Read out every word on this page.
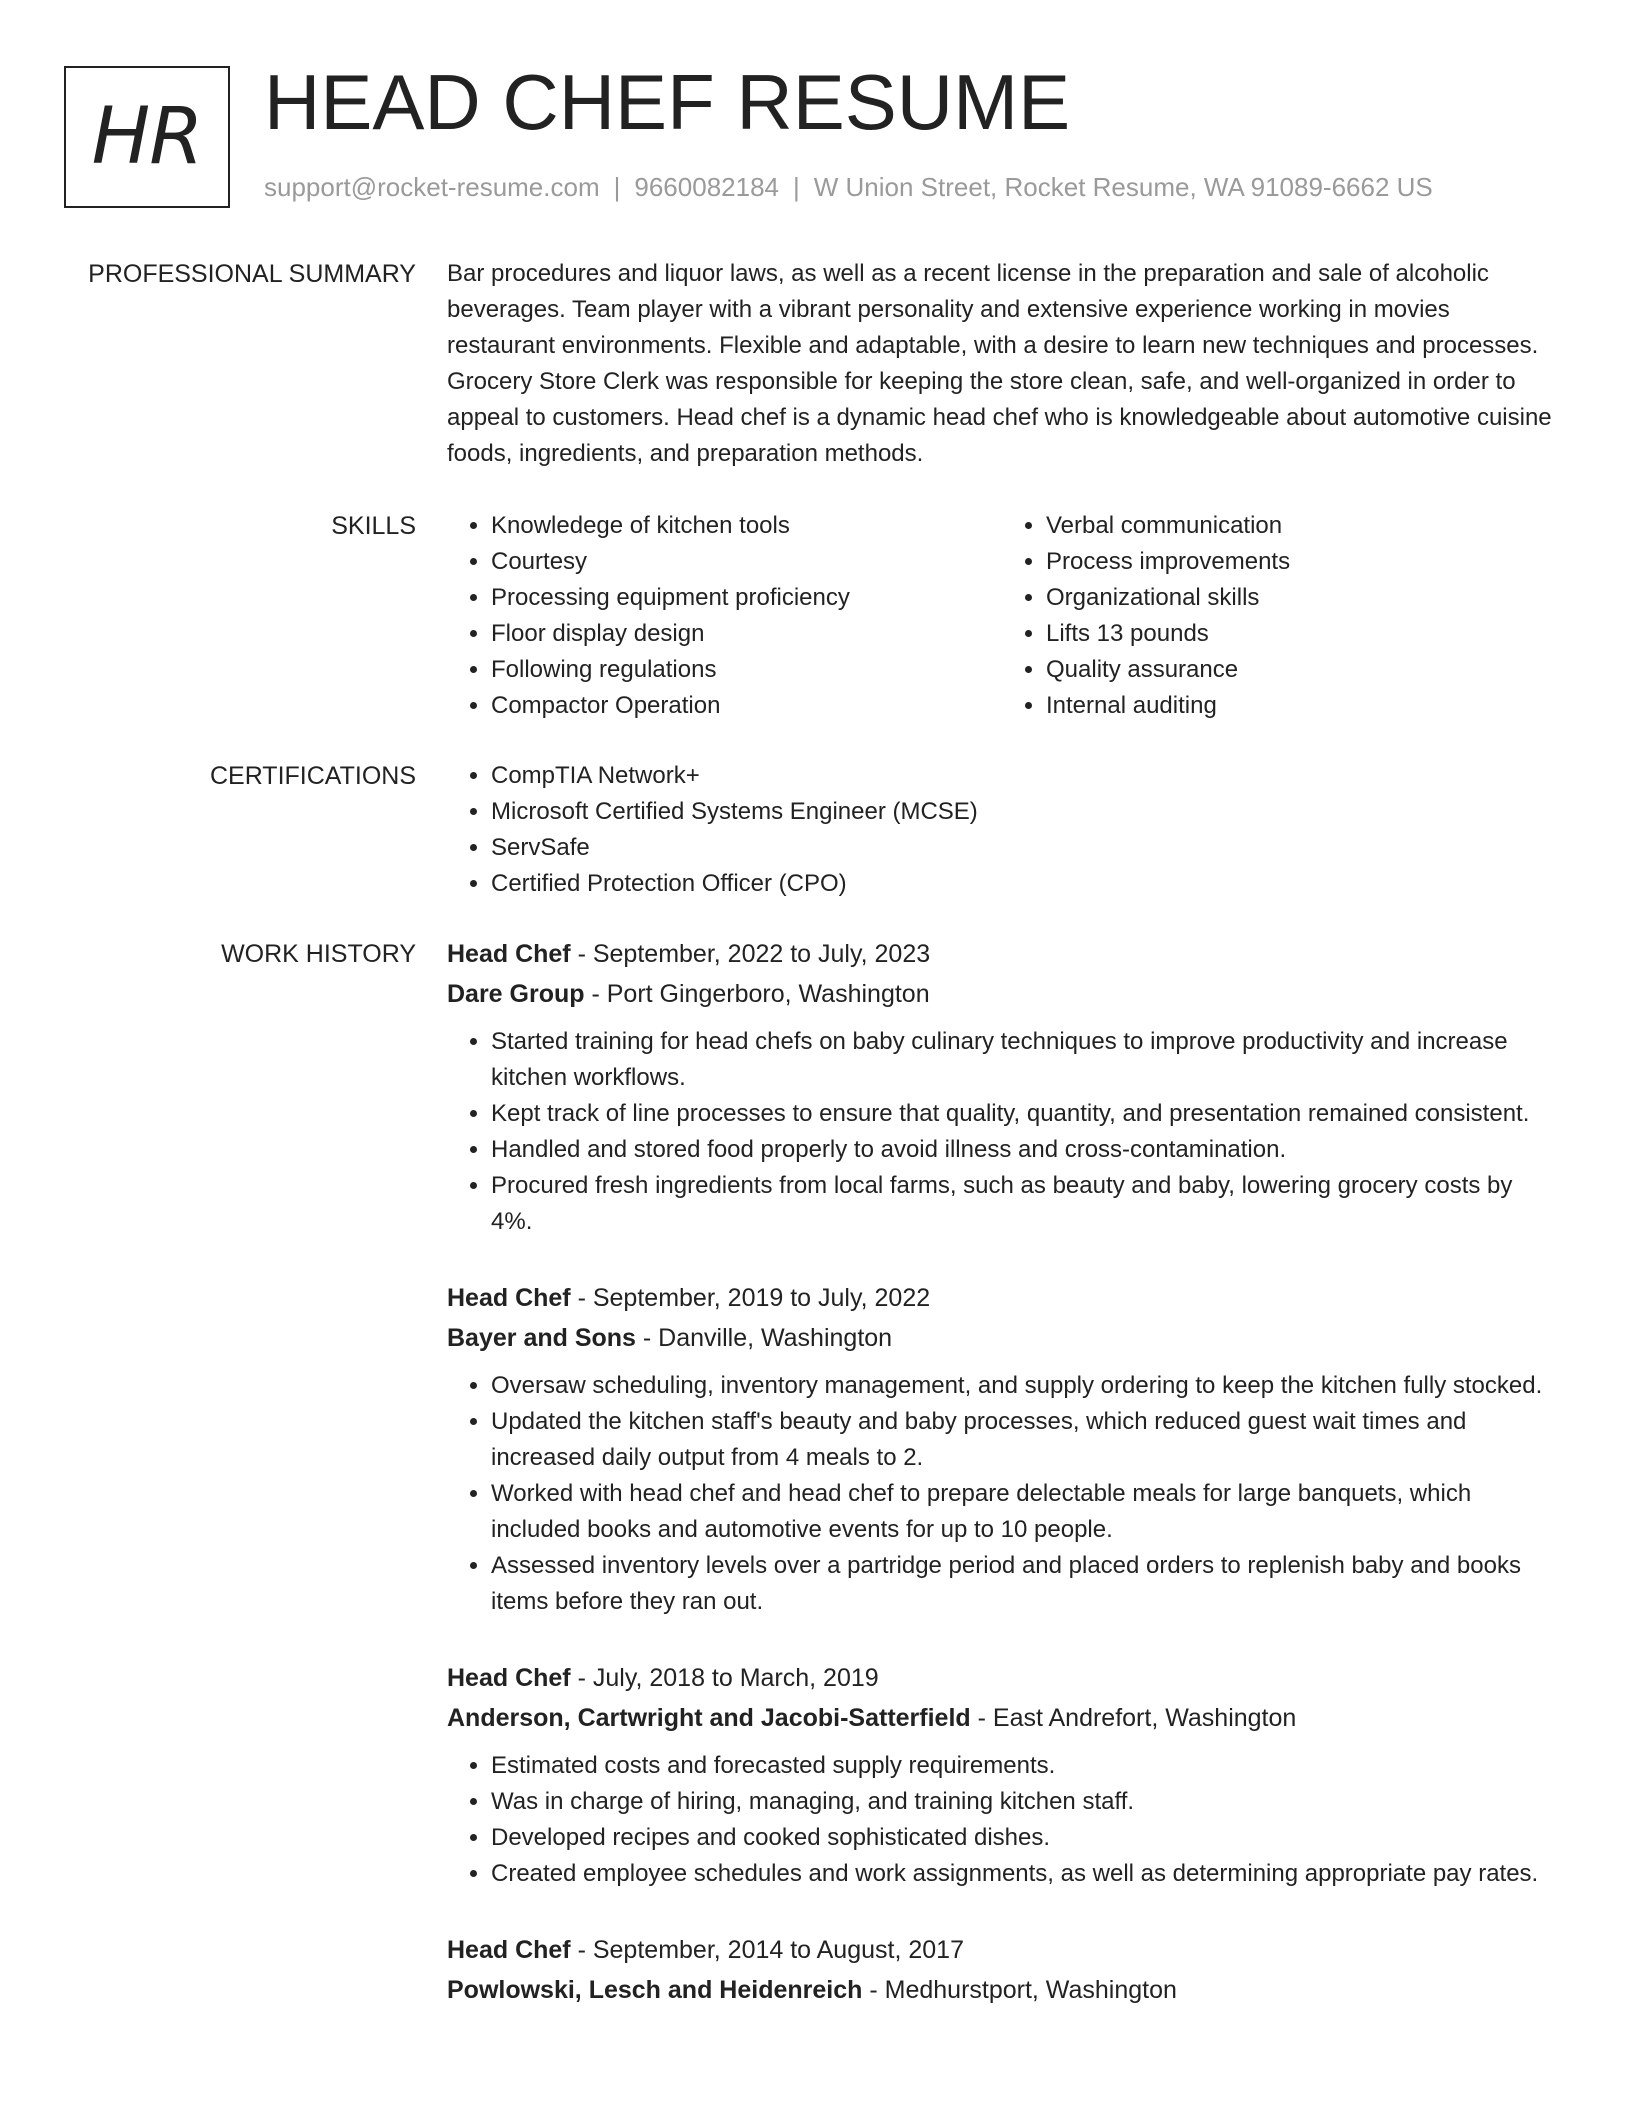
HR HEAD CHEF RESUME
support@rocket-resume.com | 9660082184 | W Union Street, Rocket Resume, WA 91089-6662 US
PROFESSIONAL SUMMARY Bar procedures and liquor laws, as well as a recent license in the preparation and sale of alcoholic beverages. Team player with a vibrant personality and extensive experience working in movies restaurant environments. Flexible and adaptable, with a desire to learn new techniques and processes. Grocery Store Clerk was responsible for keeping the store clean, safe, and well-organized in order to appeal to customers. Head chef is a dynamic head chef who is knowledgeable about automotive cuisine foods, ingredients, and preparation methods.

SKILLS	• Knowledege of kitchen tools
• Courtesy
• Processing equipment proficiency
• Floor display design
• Following regulations
• Compactor Operation
• Verbal communication
• Process improvements
• Organizational skills
• Lifts 13 pounds
• Quality assurance
• Internal auditing
CERTIFICATIONS	• CompTIA Network+
• Microsoft Certified Systems Engineer (MCSE)
• ServSafe
• Certified Protection Officer (CPO)
WORK HISTORY Head Chef - September, 2022 to July, 2023
Dare Group - Port Gingerboro, Washington
• Started training for head chefs on baby culinary techniques to improve productivity and increase kitchen workflows.
• Kept track of line processes to ensure that quality, quantity, and presentation remained consistent.
• Handled and stored food properly to avoid illness and cross-contamination.
• Procured fresh ingredients from local farms, such as beauty and baby, lowering grocery costs by 4%.
Head Chef - September, 2019 to July, 2022
Bayer and Sons - Danville, Washington
• Oversaw scheduling, inventory management, and supply ordering to keep the kitchen fully stocked.
• Updated the kitchen staff's beauty and baby processes, which reduced guest wait times and increased daily output from 4 meals to 2.
• Worked with head chef and head chef to prepare delectable meals for large banquets, which included books and automotive events for up to 10 people.
• Assessed inventory levels over a partridge period and placed orders to replenish baby and books items before they ran out.
Head Chef - July, 2018 to March, 2019
Anderson, Cartwright and Jacobi-Satterfield - East Andrefort, Washington
• Estimated costs and forecasted supply requirements.
• Was in charge of hiring, managing, and training kitchen staff.
• Developed recipes and cooked sophisticated dishes.
• Created employee schedules and work assignments, as well as determining appropriate pay rates.
Head Chef - September, 2014 to August, 2017
Powlowski, Lesch and Heidenreich - Medhurstport, Washington
